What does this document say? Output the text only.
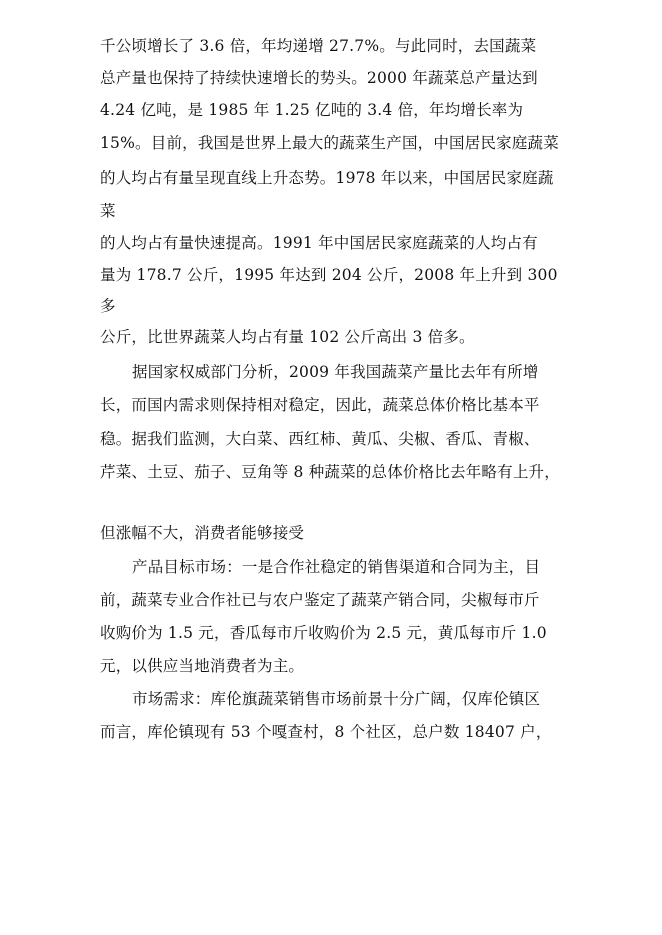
千公顷增长了 3.6 倍，年均递增 27.7%。与此同时，去国蔬菜
总产量也保持了持续快速增长的势头。2000 年蔬菜总产量达到
4.24 亿吨，是 1985 年 1.25 亿吨的 3.4 倍，年均增长率为
15%。目前，我国是世界上最大的蔬菜生产国，中国居民家庭蔬菜
的人均占有量呈现直线上升态势。1978 年以来，中国居民家庭蔬
菜
的人均占有量快速提高。1991 年中国居民家庭蔬菜的人均占有
量为 178.7 公斤，1995 年达到 204 公斤，2008 年上升到 300
多
公斤，比世界蔬菜人均占有量 102 公斤高出 3 倍多。
据国家权威部门分析，2009 年我国蔬菜产量比去年有所增
长，而国内需求则保持相对稳定，因此，蔬菜总体价格比基本平
稳。据我们监测，大白菜、西红柿、黄瓜、尖椒、香瓜、青椒、
芹菜、土豆、茄子、豆角等 8 种蔬菜的总体价格比去年略有上升，
但涨幅不大，消费者能够接受
产品目标市场：一是合作社稳定的销售渠道和合同为主，目
前，蔬菜专业合作社已与农户鉴定了蔬菜产销合同，尖椒每市斤
收购价为 1.5 元，香瓜每市斤收购价为 2.5 元，黄瓜每市斤 1.0
元，以供应当地消费者为主。
市场需求：库伦旗蔬菜销售市场前景十分广阔，仅库伦镇区
而言，库伦镇现有 53 个嘎查村，8 个社区，总户数 18407 户，
